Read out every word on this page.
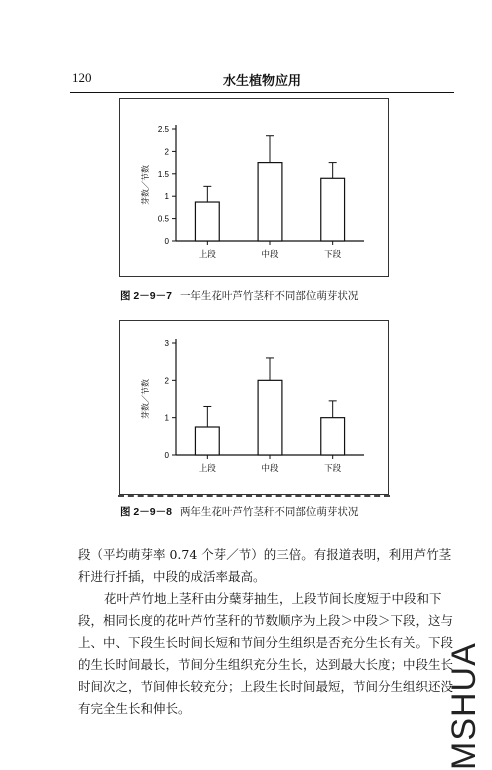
120	水生植物应用
0
0.5
1
1.5
2
2.5
芽数／节数
上段	中段	下段
图 2－9－7 一年生花叶芦竹茎秆不同部位萌芽状况
0
1
2
3
芽数／节数
上段	中段	下段
图 2－9－8 两年生花叶芦竹茎秆不同部位萌芽状况

段（平均萌芽率 0.74 个芽／节）的三倍。有报道表明，利用芦竹茎秆进行扦插，中段的成活率最高。

花叶芦竹地上茎秆由分蘖芽抽生，上段节间长度短于中段和下段，相同长度的花叶芦竹茎秆的节数顺序为上段＞中段＞下段，这与上、中、下段生长时间长短和节间分生组织是否充分生长有关。下段的生长时间最长，节间分生组织充分生长，达到最大长度；中段生长时间次之，节间伸长较充分；上段生长时间最短，节间分生组织还没有完全生长和伸长。	MSHUA
